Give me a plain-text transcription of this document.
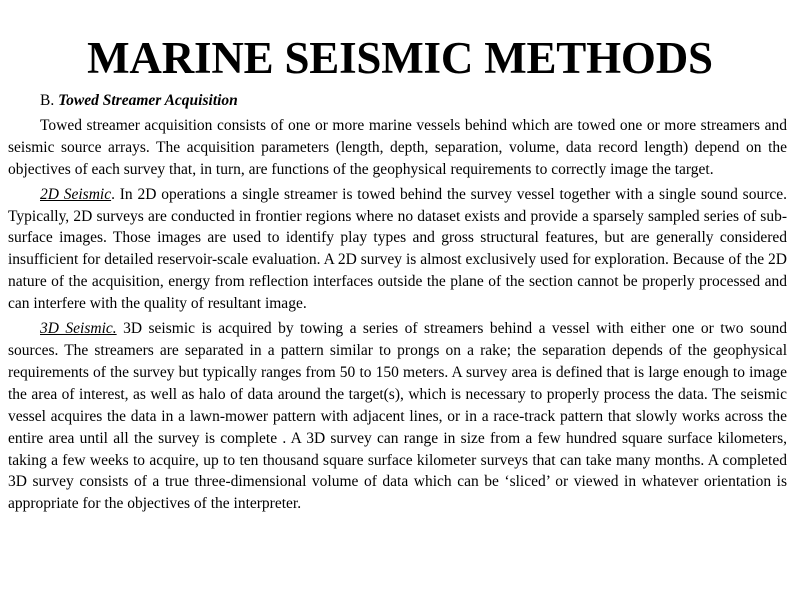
MARINE SEISMIC METHODS

B. Towed Streamer Acquisition

Towed streamer acquisition consists of one or more marine vessels behind which are towed one or more streamers and seismic source arrays. The acquisition parameters (length, depth, separation, volume, data record length) depend on the objectives of each survey that, in turn, are functions of the geophysical requirements to correctly image the target.

2D Seismic. In 2D operations a single streamer is towed behind the survey vessel together with a single sound source. Typically, 2D surveys are conducted in frontier regions where no dataset exists and provide a sparsely sampled series of sub-surface images. Those images are used to identify play types and gross structural features, but are generally considered insufficient for detailed reservoir-scale evaluation. A 2D survey is almost exclusively used for exploration. Because of the 2D nature of the acquisition, energy from reflection interfaces outside the plane of the section cannot be properly processed and can interfere with the quality of resultant image.

3D Seismic. 3D seismic is acquired by towing a series of streamers behind a vessel with either one or two sound sources. The streamers are separated in a pattern similar to prongs on a rake; the separation depends of the geophysical requirements of the survey but typically ranges from 50 to 150 meters. A survey area is defined that is large enough to image the area of interest, as well as halo of data around the target(s), which is necessary to properly process the data. The seismic vessel acquires the data in a lawn-mower pattern with adjacent lines, or in a race-track pattern that slowly works across the entire area until all the survey is complete . A 3D survey can range in size from a few hundred square surface kilometers, taking a few weeks to acquire, up to ten thousand square surface kilometer surveys that can take many months. A completed 3D survey consists of a true three-dimensional volume of data which can be ‘sliced’ or viewed in whatever orientation is appropriate for the objectives of the interpreter.
